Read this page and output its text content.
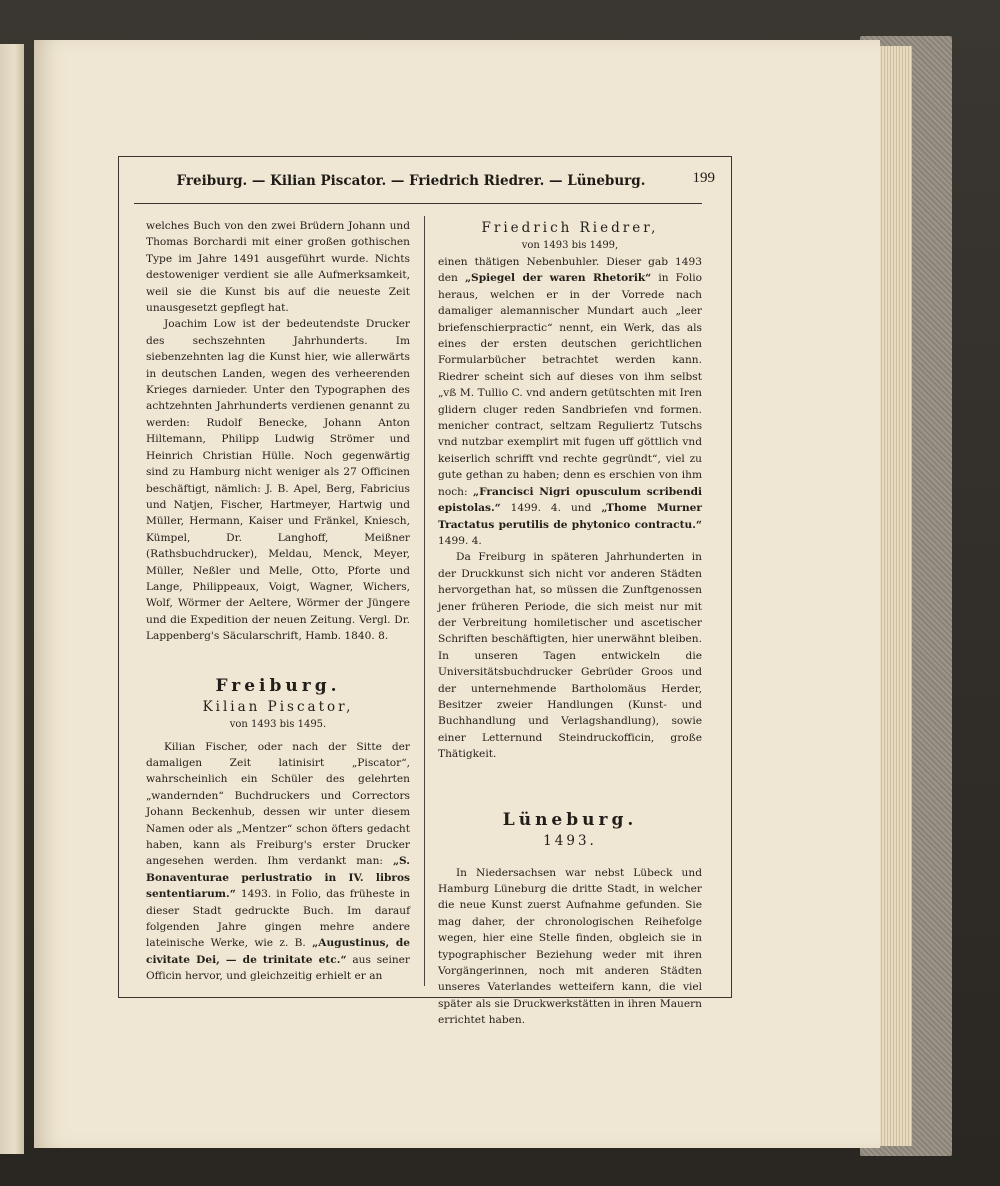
Freiburg. — Kilian Piscator. — Friedrich Riedrer. — Lüneburg.	199

welches Buch von den zwei Brüdern Johann und Thomas Borchardi mit einer großen gothischen Type im Jahre 1491 ausgeführt wurde. Nichts destoweniger verdient sie alle Aufmerksamkeit, weil sie die Kunst bis auf die neueste Zeit unausgesetzt gepflegt hat.

Joachim Low ist der bedeutendste Drucker des sechszehnten Jahrhunderts. Im siebenzehnten lag die Kunst hier, wie allerwärts in deutschen Landen, wegen des verheerenden Krieges darnieder. Unter den Typographen des achtzehnten Jahrhunderts verdienen genannt zu werden: Rudolf Benecke, Johann Anton Hiltemann, Philipp Ludwig Strömer und Heinrich Christian Hülle. Noch gegenwärtig sind zu Hamburg nicht weniger als 27 Officinen beschäftigt, nämlich: J. B. Apel, Berg, Fabricius und Natjen, Fischer, Hartmeyer, Hartwig und Müller, Hermann, Kaiser und Fränkel, Kniesch, Kümpel, Dr. Langhoff, Meißner (Rathsbuchdrucker), Meldau, Menck, Meyer, Müller, Neßler und Melle, Otto, Pforte und Lange, Philippeaux, Voigt, Wagner, Wichers, Wolf, Wörmer der Aeltere, Wörmer der Jüngere und die Expedition der neuen Zeitung. Vergl. Dr. Lappenberg's Säcularschrift, Hamb. 1840. 8.

Freiburg.

Kilian Piscator,

von 1493 bis 1495.

Kilian Fischer, oder nach der Sitte der damaligen Zeit latinisirt „Piscator“, wahrscheinlich ein Schüler des gelehrten „wandernden“ Buchdruckers und Correctors Johann Beckenhub, dessen wir unter diesem Namen oder als „Mentzer“ schon öfters gedacht haben, kann als Freiburg's erster Drucker angesehen werden. Ihm verdankt man: „S. Bonaventurae perlustratio in IV. libros sententiarum.“ 1493. in Folio, das früheste in dieser Stadt gedruckte Buch. Im darauf folgenden Jahre gingen mehre andere lateinische Werke, wie z. B. „Augustinus, de civitate Dei, — de trinitate etc.“ aus seiner Officin hervor, und gleichzeitig erhielt er an

Friedrich Riedrer,

von 1493 bis 1499,

einen thätigen Nebenbuhler. Dieser gab 1493 den „Spiegel der waren Rhetorik“ in Folio heraus, welchen er in der Vorrede nach damaliger alemannischer Mundart auch „leer briefenschierpractic“ nennt, ein Werk, das als eines der ersten deutschen gerichtlichen Formularbücher betrachtet werden kann. Riedrer scheint sich auf dieses von ihm selbst „vß M. Tullio C. vnd andern getütschten mit Iren glidern cluger reden Sandbriefen vnd formen. menicher contract, seltzam Reguliertz Tutschs vnd nutzbar exemplirt mit fugen uff göttlich vnd keiserlich schrifft vnd rechte gegründt“, viel zu gute gethan zu haben; denn es erschien von ihm noch: „Francisci Nigri opusculum scribendi epistolas.“ 1499. 4. und „Thome Murner Tractatus perutilis de phytonico contractu.“ 1499. 4.

Da Freiburg in späteren Jahrhunderten in der Druckkunst sich nicht vor anderen Städten hervorgethan hat, so müssen die Zunftgenossen jener früheren Periode, die sich meist nur mit der Verbreitung homiletischer und ascetischer Schriften beschäftigten, hier unerwähnt bleiben. In unseren Tagen entwickeln die Universitätsbuchdrucker Gebrüder Groos und der unternehmende Bartholomäus Herder, Besitzer zweier Handlungen (Kunst- und Buchhandlung und Verlagshandlung), sowie einer Letternund Steindruckofficin, große Thätigkeit.

Lüneburg.

1493.

In Niedersachsen war nebst Lübeck und Hamburg Lüneburg die dritte Stadt, in welcher die neue Kunst zuerst Aufnahme gefunden. Sie mag daher, der chronologischen Reihefolge wegen, hier eine Stelle finden, obgleich sie in typographischer Beziehung weder mit ihren Vorgängerinnen, noch mit anderen Städten unseres Vaterlandes wetteifern kann, die viel später als sie Druckwerkstätten in ihren Mauern errichtet haben.
